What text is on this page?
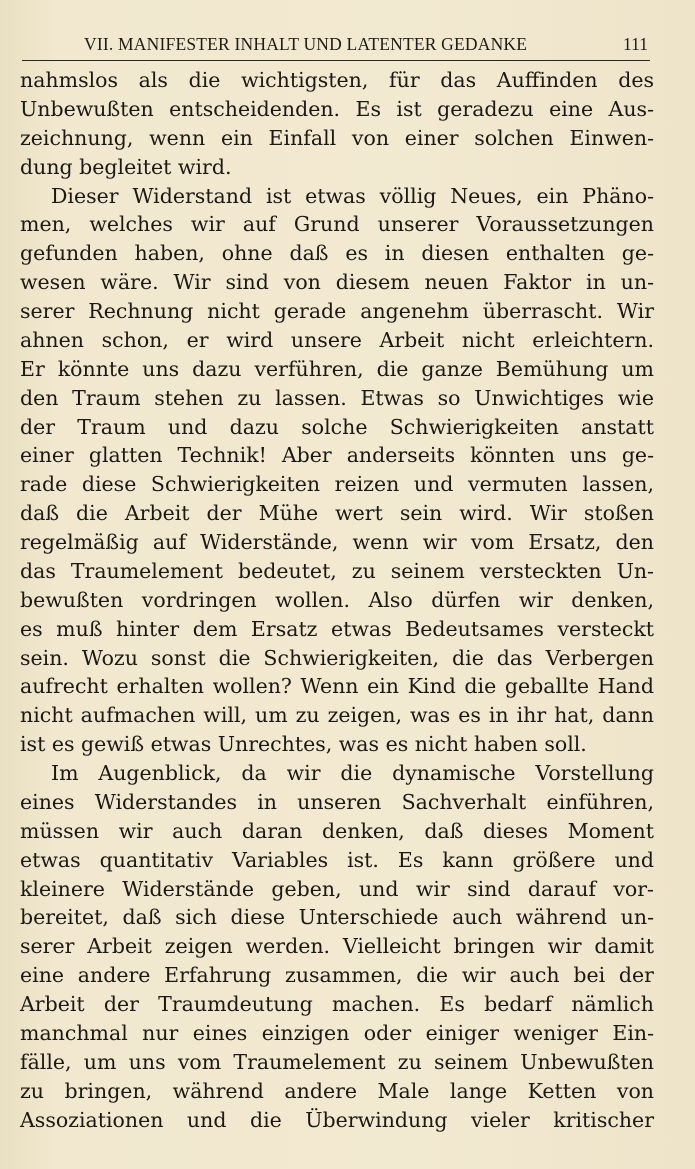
VII. MANIFESTER INHALT UND LATENTER GEDANKE	111
nahmslos als die wichtigsten, für das Auffinden des
Unbewußten entscheidenden. Es ist geradezu eine Aus-
zeichnung, wenn ein Einfall von einer solchen Einwen-
dung begleitet wird.
Dieser Widerstand ist etwas völlig Neues, ein Phäno-
men, welches wir auf Grund unserer Voraussetzungen
gefunden haben, ohne daß es in diesen enthalten ge-
wesen wäre. Wir sind von diesem neuen Faktor in un-
serer Rechnung nicht gerade angenehm überrascht. Wir
ahnen schon, er wird unsere Arbeit nicht erleichtern.
Er könnte uns dazu verführen, die ganze Bemühung um
den Traum stehen zu lassen. Etwas so Unwichtiges wie
der Traum und dazu solche Schwierigkeiten anstatt
einer glatten Technik! Aber anderseits könnten uns ge-
rade diese Schwierigkeiten reizen und vermuten lassen,
daß die Arbeit der Mühe wert sein wird. Wir stoßen
regelmäßig auf Widerstände, wenn wir vom Ersatz, den
das Traumelement bedeutet, zu seinem versteckten Un-
bewußten vordringen wollen. Also dürfen wir denken,
es muß hinter dem Ersatz etwas Bedeutsames versteckt
sein. Wozu sonst die Schwierigkeiten, die das Verbergen
aufrecht erhalten wollen? Wenn ein Kind die geballte Hand
nicht aufmachen will, um zu zeigen, was es in ihr hat, dann
ist es gewiß etwas Unrechtes, was es nicht haben soll.
Im Augenblick, da wir die dynamische Vorstellung
eines Widerstandes in unseren Sachverhalt einführen,
müssen wir auch daran denken, daß dieses Moment
etwas quantitativ Variables ist. Es kann größere und
kleinere Widerstände geben, und wir sind darauf vor-
bereitet, daß sich diese Unterschiede auch während un-
serer Arbeit zeigen werden. Vielleicht bringen wir damit
eine andere Erfahrung zusammen, die wir auch bei der
Arbeit der Traumdeutung machen. Es bedarf nämlich
manchmal nur eines einzigen oder einiger weniger Ein-
fälle, um uns vom Traumelement zu seinem Unbewußten
zu bringen, während andere Male lange Ketten von
Assoziationen und die Überwindung vieler kritischer
